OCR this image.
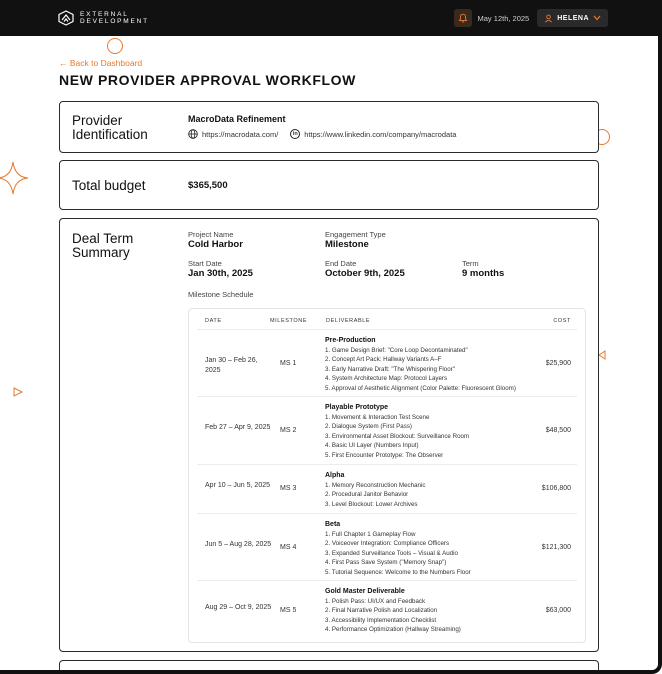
EXTERNAL
DEVELOPMENT	May 12th, 2025	HELENA
← Back to Dashboard
NEW PROVIDER APPROVAL WORKFLOW
Provider
Identification
MacroData Refinement
https://macrodata.com/	in https://www.linkedin.com/company/macrodata
Total budget	$365,500
Deal Term
Summary
Project Name
Cold Harbor
Engagement Type
Milestone
Start Date
Jan 30th, 2025
End Date
October 9th, 2025
Term
9 months
Milestone Schedule
DATE	MILESTONE	DELIVERABLE	COST
Jan 30 – Feb 26, 2025
MS 1
Pre-Production
1. Game Design Brief: "Core Loop Decontaminated"
2. Concept Art Pack: Hallway Variants A–F
3. Early Narrative Draft: "The Whispering Floor"
4. System Architecture Map: Protocol Layers
5. Approval of Aesthetic Alignment (Color Palette: Fluorescent Gloom)
$25,900
Feb 27 – Apr 9, 2025	MS 2
Playable Prototype
1. Movement & Interaction Test Scene
2. Dialogue System (First Pass)
3. Environmental Asset Blockout: Surveillance Room
4. Basic UI Layer (Numbers Input)
5. First Encounter Prototype: The Observer
$48,500
Apr 10 – Jun 5, 2025	MS 3
Alpha
1. Memory Reconstruction Mechanic
2. Procedural Janitor Behavior
3. Level Blockout: Lower Archives
$106,800
Jun 5 – Aug 28, 2025	MS 4
Beta
1. Full Chapter 1 Gameplay Flow
2. Voiceover Integration: Compliance Officers
3. Expanded Surveillance Tools – Visual & Audio
4. First Pass Save System ("Memory Snap")
5. Tutorial Sequence: Welcome to the Numbers Floor
$121,300
Aug 29 – Oct 9, 2025	MS 5
Gold Master Deliverable
1. Polish Pass: UI/UX and Feedback
2. Final Narrative Polish and Localization
3. Accessibility Implementation Checklist
4. Performance Optimization (Hallway Streaming)
$63,000
